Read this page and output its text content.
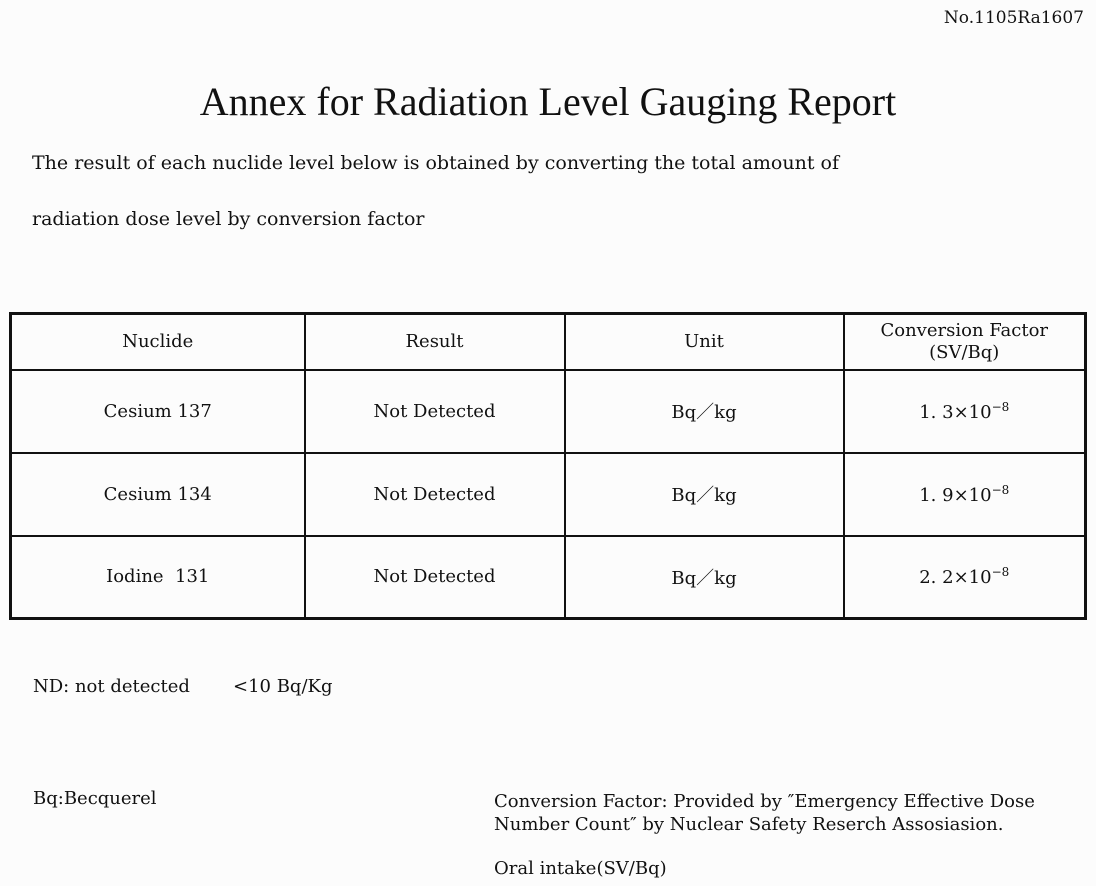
No.1105Ra1607
Annex for Radiation Level Gauging Report
The result of each nuclide level below is obtained by converting the total amount of
radiation dose level by conversion factor
Nuclide	Result	Unit	Conversion Factor
(SV/Bq)

Cesium 137	Not Detected	Bq／kg	1. $3\times 10^{-8}$
Cesium 134	Not Detected	Bq／kg	1. $9\times 10^{-8}$
Iodine  131	Not Detected	Bq／kg	2. $2\times 10^{-8}$
ND: not detected <10 Bq/Kg
Bq:Becquerel	Conversion Factor: Provided by ″Emergency Effective Dose
Number Count″ by Nuclear Safety Reserch Assosiasion.
Oral intake(SV/Bq)
